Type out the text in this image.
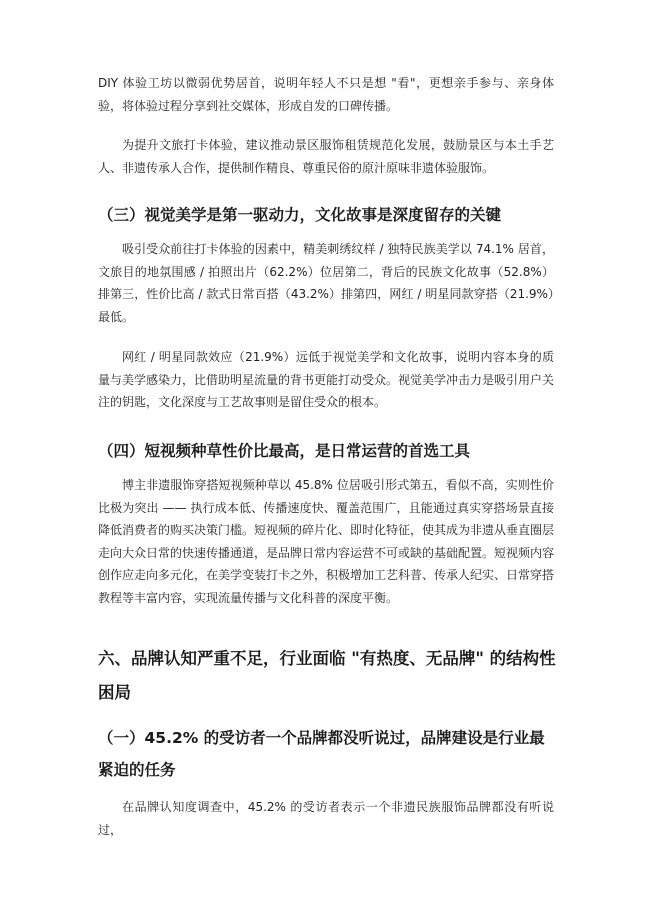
DIY 体验工坊以微弱优势居首，说明年轻人不只是想 "看"，更想亲手参与、亲身体验，将体验过程分享到社交媒体，形成自发的口碑传播。

为提升文旅打卡体验，建议推动景区服饰租赁规范化发展，鼓励景区与本土手艺人、非遗传承人合作，提供制作精良、尊重民俗的原汁原味非遗体验服饰。

（三）视觉美学是第一驱动力，文化故事是深度留存的关键

吸引受众前往打卡体验的因素中，精美刺绣纹样 / 独特民族美学以 74.1% 居首，文旅目的地氛围感 / 拍照出片（62.2%）位居第二，背后的民族文化故事（52.8%）排第三，性价比高 / 款式日常百搭（43.2%）排第四，网红 / 明星同款穿搭（21.9%）最低。

网红 / 明星同款效应（21.9%）远低于视觉美学和文化故事，说明内容本身的质量与美学感染力，比借助明星流量的背书更能打动受众。视觉美学冲击力是吸引用户关注的钥匙，文化深度与工艺故事则是留住受众的根本。

（四）短视频种草性价比最高，是日常运营的首选工具

博主非遗服饰穿搭短视频种草以 45.8% 位居吸引形式第五，看似不高，实则性价比极为突出 —— 执行成本低、传播速度快、覆盖范围广，且能通过真实穿搭场景直接降低消费者的购买决策门槛。短视频的碎片化、即时化特征，使其成为非遗从垂直圈层走向大众日常的快速传播通道，是品牌日常内容运营不可或缺的基础配置。短视频内容创作应走向多元化，在美学变装打卡之外，积极增加工艺科普、传承人纪实、日常穿搭教程等丰富内容，实现流量传播与文化科普的深度平衡。

六、品牌认知严重不足，行业面临 "有热度、无品牌" 的结构性困局
（一）45.2% 的受访者一个品牌都没听说过，品牌建设是行业最紧迫的任务

在品牌认知度调查中，45.2% 的受访者表示一个非遗民族服饰品牌都没有听说过，
